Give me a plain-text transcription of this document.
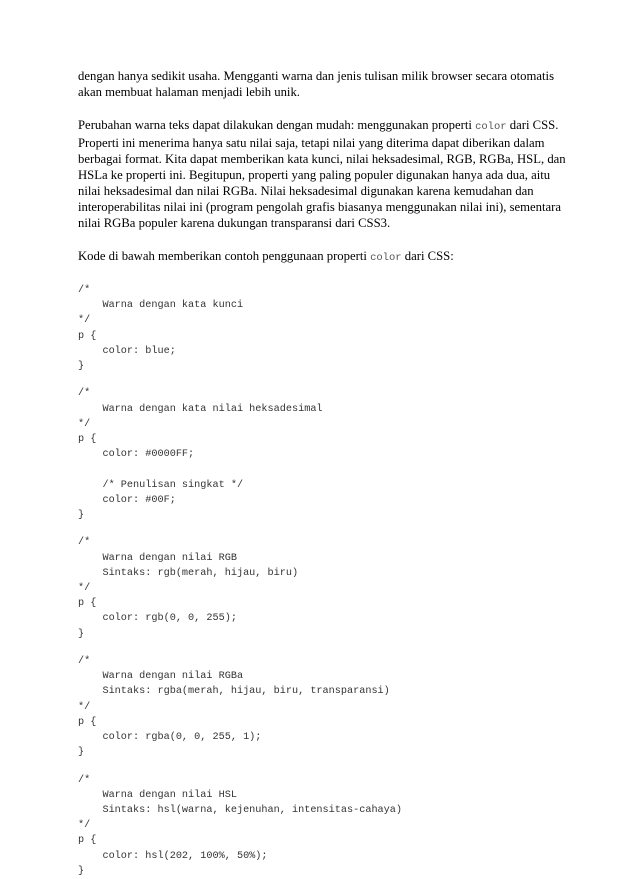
dengan hanya sedikit usaha. Mengganti warna dan jenis tulisan milik browser secara otomatis
akan membuat halaman menjadi lebih unik.

Perubahan warna teks dapat dilakukan dengan mudah: menggunakan properti color dari CSS.
Properti ini menerima hanya satu nilai saja, tetapi nilai yang diterima dapat diberikan dalam
berbagai format. Kita dapat memberikan kata kunci, nilai heksadesimal, RGB, RGBa, HSL, dan
HSLa ke properti ini. Begitupun, properti yang paling populer digunakan hanya ada dua, aitu
nilai heksadesimal dan nilai RGBa. Nilai heksadesimal digunakan karena kemudahan dan
interoperabilitas nilai ini (program pengolah grafis biasanya menggunakan nilai ini), sementara
nilai RGBa populer karena dukungan transparansi dari CSS3.

Kode di bawah memberikan contoh penggunaan properti color dari CSS:

/*
Warna dengan kata kunci
*/
p {
color: blue;
}
/*
Warna dengan kata nilai heksadesimal
*/
p {
color: #0000FF;
/* Penulisan singkat */
color: #00F;
}
/*
Warna dengan nilai RGB
Sintaks: rgb(merah, hijau, biru)
*/
p {
color: rgb(0, 0, 255);
}
/*
Warna dengan nilai RGBa
Sintaks: rgba(merah, hijau, biru, transparansi)
*/
p {
color: rgba(0, 0, 255, 1);
}
/*
Warna dengan nilai HSL
Sintaks: hsl(warna, kejenuhan, intensitas-cahaya)
*/
p {
color: hsl(202, 100%, 50%);
}
